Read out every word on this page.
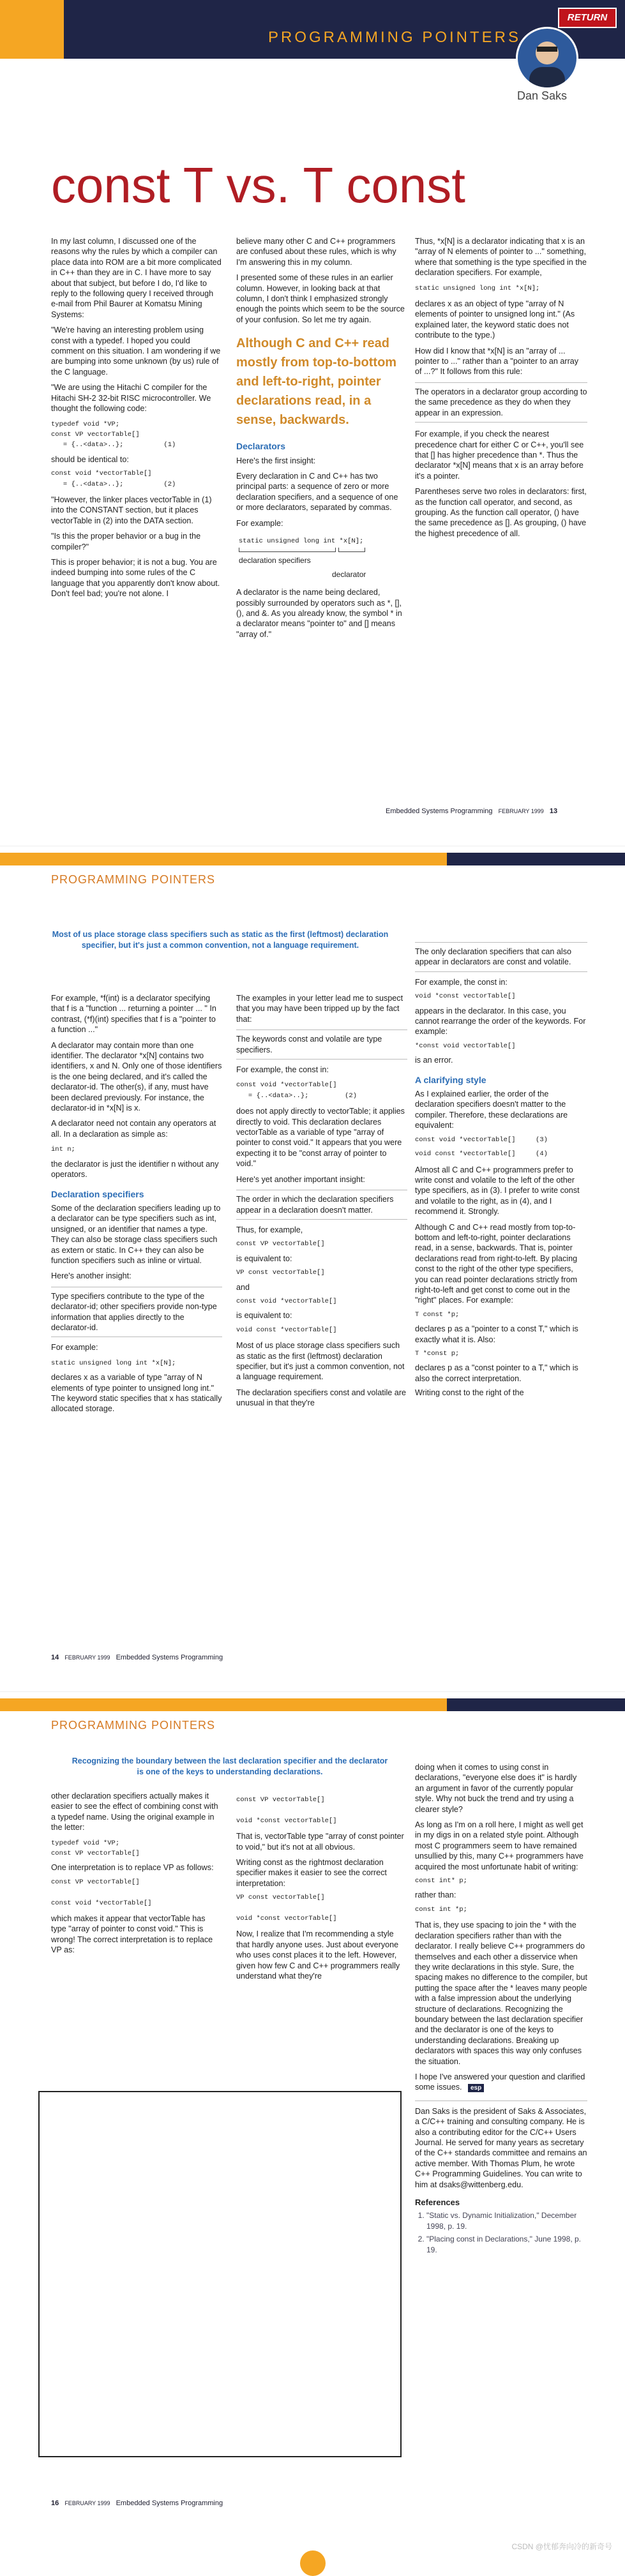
PROGRAMMING POINTERS
RETURN
Dan Saks
const T vs. T const

In my last column, I discussed one of the reasons why the rules by which a compiler can place data into ROM are a bit more complicated in C++ than they are in C. I have more to say about that subject, but before I do, I'd like to reply to the following query I received through e-mail from Phil Baurer at Komatsu Mining Systems:

"We're having an interesting problem using const with a typedef. I hoped you could comment on this situation. I am wondering if we are bumping into some unknown (by us) rule of the C language.

"We are using the Hitachi C compiler for the Hitachi SH-2 32-bit RISC microcontroller. We thought the following code:

typedef void *VP;
const VP vectorTable[]
= {..<data>..};          (1)

should be identical to:

const void *vectorTable[]
= {..<data>..};          (2)

"However, the linker places vectorTable in (1) into the CONSTANT section, but it places vectorTable in (2) into the DATA section.

"Is this the proper behavior or a bug in the compiler?"

This is proper behavior; it is not a bug. You are indeed bumping into some rules of the C language that you apparently don't know about. Don't feel bad; you're not alone. I

believe many other C and C++ programmers are confused about these rules, which is why I'm answering this in my column.

I presented some of these rules in an earlier column. However, in looking back at that column, I don't think I emphasized strongly enough the points which seem to be the source of your confusion. So let me try again.

Although C and C++ read mostly from top-to-bottom and left-to-right, pointer declarations read, in a sense, backwards.
Declarators

Here's the first insight:

Every declaration in C and C++ has two principal parts: a sequence of zero or more declaration specifiers, and a sequence of one or more declarators, separated by commas.

For example:

static unsigned long int *x[N];
declaration specifiers
declarator

A declarator is the name being declared, possibly surrounded by operators such as *, [], (), and &. As you already know, the symbol * in a declarator means "pointer to" and [] means "array of."

Thus, *x[N] is a declarator indicating that x is an "array of N elements of pointer to ..." something, where that something is the type specified in the declaration specifiers. For example,

static unsigned long int *x[N];

declares x as an object of type "array of N elements of pointer to unsigned long int." (As explained later, the keyword static does not contribute to the type.)

How did I know that *x[N] is an "array of ... pointer to ..." rather than a "pointer to an array of ...?" It follows from this rule:

The operators in a declarator group according to the same precedence as they do when they appear in an expression.

For example, if you check the nearest precedence chart for either C or C++, you'll see that [] has higher precedence than *. Thus the declarator *x[N] means that x is an array before it's a pointer.

Parentheses serve two roles in declarators: first, as the function call operator, and second, as grouping. As the function call operator, () have the same precedence as []. As grouping, () have the highest precedence of all.

Embedded Systems Programming FEBRUARY 1999 13
PROGRAMMING POINTERS
Most of us place storage class specifiers such as static as the first (leftmost) declaration specifier, but it's just a common convention, not a language requirement.

For example, *f(int) is a declarator specifying that f is a "function ... returning a pointer ... " In contrast, (*f)(int) specifies that f is a "pointer to a function ..."

A declarator may contain more than one identifier. The declarator *x[N] contains two identifiers, x and N. Only one of those identifiers is the one being declared, and it's called the declarator-id. The other(s), if any, must have been declared previously. For instance, the declarator-id in *x[N] is x.

A declarator need not contain any operators at all. In a declaration as simple as:

int n;

the declarator is just the identifier n without any operators.

Declaration specifiers

Some of the declaration specifiers leading up to a declarator can be type specifiers such as int, unsigned, or an identifier that names a type. They can also be storage class specifiers such as extern or static. In C++ they can also be function specifiers such as inline or virtual.

Here's another insight:

Type specifiers contribute to the type of the declarator-id; other specifiers provide non-type information that applies directly to the declarator-id.

For example:

static unsigned long int *x[N];

declares x as a variable of type "array of N elements of type pointer to unsigned long int." The keyword static specifies that x has statically allocated storage.

The examples in your letter lead me to suspect that you may have been tripped up by the fact that:

The keywords const and volatile are type specifiers.

For example, the const in:

const void *vectorTable[]
= {..<data>..};         (2)

does not apply directly to vectorTable; it applies directly to void. This declaration declares vectorTable as a variable of type "array of pointer to const void." It appears that you were expecting it to be "const array of pointer to void."

Here's yet another important insight:

The order in which the declaration specifiers appear in a declaration doesn't matter.

Thus, for example,

const VP vectorTable[]

is equivalent to:

VP const vectorTable[]

and

const void *vectorTable[]

is equivalent to:

void const *vectorTable[]

Most of us place storage class specifiers such as static as the first (leftmost) declaration specifier, but it's just a common convention, not a language requirement.

The declaration specifiers const and volatile are unusual in that they're

The only declaration specifiers that can also appear in declarators are const and volatile.

For example, the const in:

void *const vectorTable[]

appears in the declarator. In this case, you cannot rearrange the order of the keywords. For example:

*const void vectorTable[]

is an error.

A clarifying style

As I explained earlier, the order of the declaration specifiers doesn't matter to the compiler. Therefore, these declarations are equivalent:

const void *vectorTable[]     (3)
void const *vectorTable[]     (4)

Almost all C and C++ programmers prefer to write const and volatile to the left of the other type specifiers, as in (3). I prefer to write const and volatile to the right, as in (4), and I recommend it. Strongly.

Although C and C++ read mostly from top-to-bottom and left-to-right, pointer declarations read, in a sense, backwards. That is, pointer declarations read from right-to-left. By placing const to the right of the other type specifiers, you can read pointer declarations strictly from right-to-left and get const to come out in the "right" places. For example:

T const *p;

declares p as a "pointer to a const T," which is exactly what it is. Also:

T *const p;

declares p as a "const pointer to a T," which is also the correct interpretation.

Writing const to the right of the

14 FEBRUARY 1999 Embedded Systems Programming
PROGRAMMING POINTERS
Recognizing the boundary between the last declaration specifier and the declarator is one of the keys to understanding declarations.

other declaration specifiers actually makes it easier to see the effect of combining const with a typedef name. Using the original example in the letter:

typedef void *VP;
const VP vectorTable[]

One interpretation is to replace VP as follows:

const VP vectorTable[]

const void *vectorTable[]

which makes it appear that vectorTable has type "array of pointer to const void." This is wrong! The correct interpretation is to replace VP as:

const VP vectorTable[]

void *const vectorTable[]

That is, vectorTable type "array of const pointer to void," but it's not at all obvious.

Writing const as the rightmost declaration specifier makes it easier to see the correct interpretation:

VP const vectorTable[]

void *const vectorTable[]

Now, I realize that I'm recommending a style that hardly anyone uses. Just about everyone who uses const places it to the left. However, given how few C and C++ programmers really understand what they're

doing when it comes to using const in declarations, "everyone else does it" is hardly an argument in favor of the currently popular style. Why not buck the trend and try using a clearer style?

As long as I'm on a roll here, I might as well get in my digs in on a related style point. Although most C programmers seem to have remained unsullied by this, many C++ programmers have acquired the most unfortunate habit of writing:

const int* p;

rather than:

const int *p;

That is, they use spacing to join the * with the declaration specifiers rather than with the declarator. I really believe C++ programmers do themselves and each other a disservice when they write declarations in this style. Sure, the spacing makes no difference to the compiler, but putting the space after the * leaves many people with a false impression about the underlying structure of declarations. Recognizing the boundary between the last declaration specifier and the declarator is one of the keys to understanding declarations. Breaking up declarators with spaces this way only confuses the situation.

I hope I've answered your question and clarified some issues. esp

Dan Saks is the president of Saks & Associates, a C/C++ training and consulting company. He is also a contributing editor for the C/C++ Users Journal. He served for many years as secretary of the C++ standards committee and remains an active member. With Thomas Plum, he wrote C++ Programming Guidelines. You can write to him at dsaks@wittenberg.edu.

References
1. "Static vs. Dynamic Initialization," December 1998, p. 19.
2. "Placing const in Declarations," June 1998, p. 19.
16 FEBRUARY 1999 Embedded Systems Programming
CSDN @忧郁奔向冷的新奇号
